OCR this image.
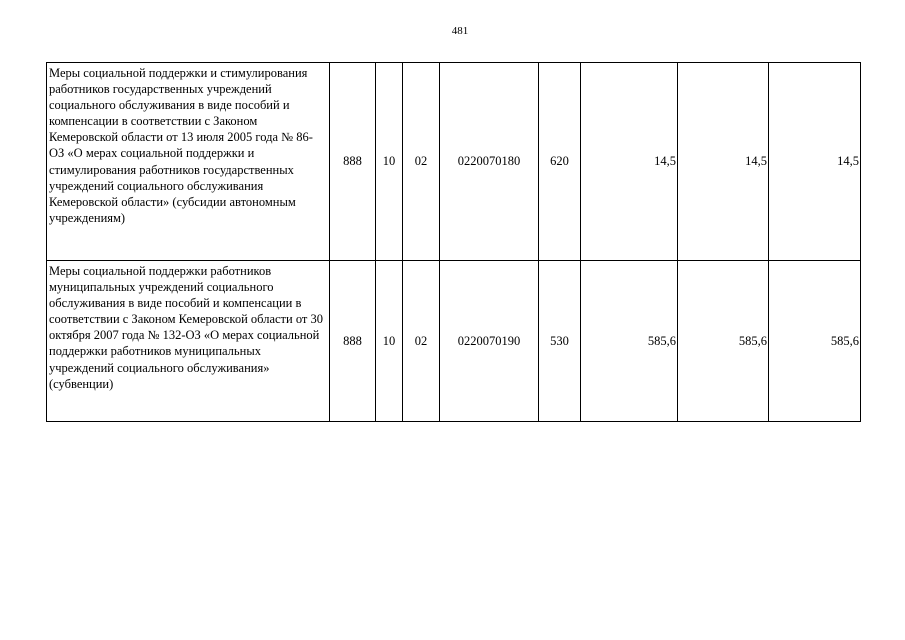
481
Меры социальной поддержки и стимулирования работников государственных учреждений социального обслуживания в виде пособий и компенсации в соответствии с Законом Кемеровской области от 13 июля 2005 года № 86-ОЗ «О мерах социальной поддержки и стимулирования работников государственных учреждений социального обслуживания Кемеровской области» (субсидии автономным учреждениям)	888	10	02	0220070180	620	14,5	14,5	14,5
Меры социальной поддержки работников муниципальных учреждений социального обслуживания в виде пособий и компенсации в соответствии с Законом Кемеровской области от 30 октября 2007 года № 132-ОЗ «О мерах социальной поддержки работников муниципальных учреждений социального обслуживания» (субвенции)	888	10	02	0220070190	530	585,6	585,6	585,6
